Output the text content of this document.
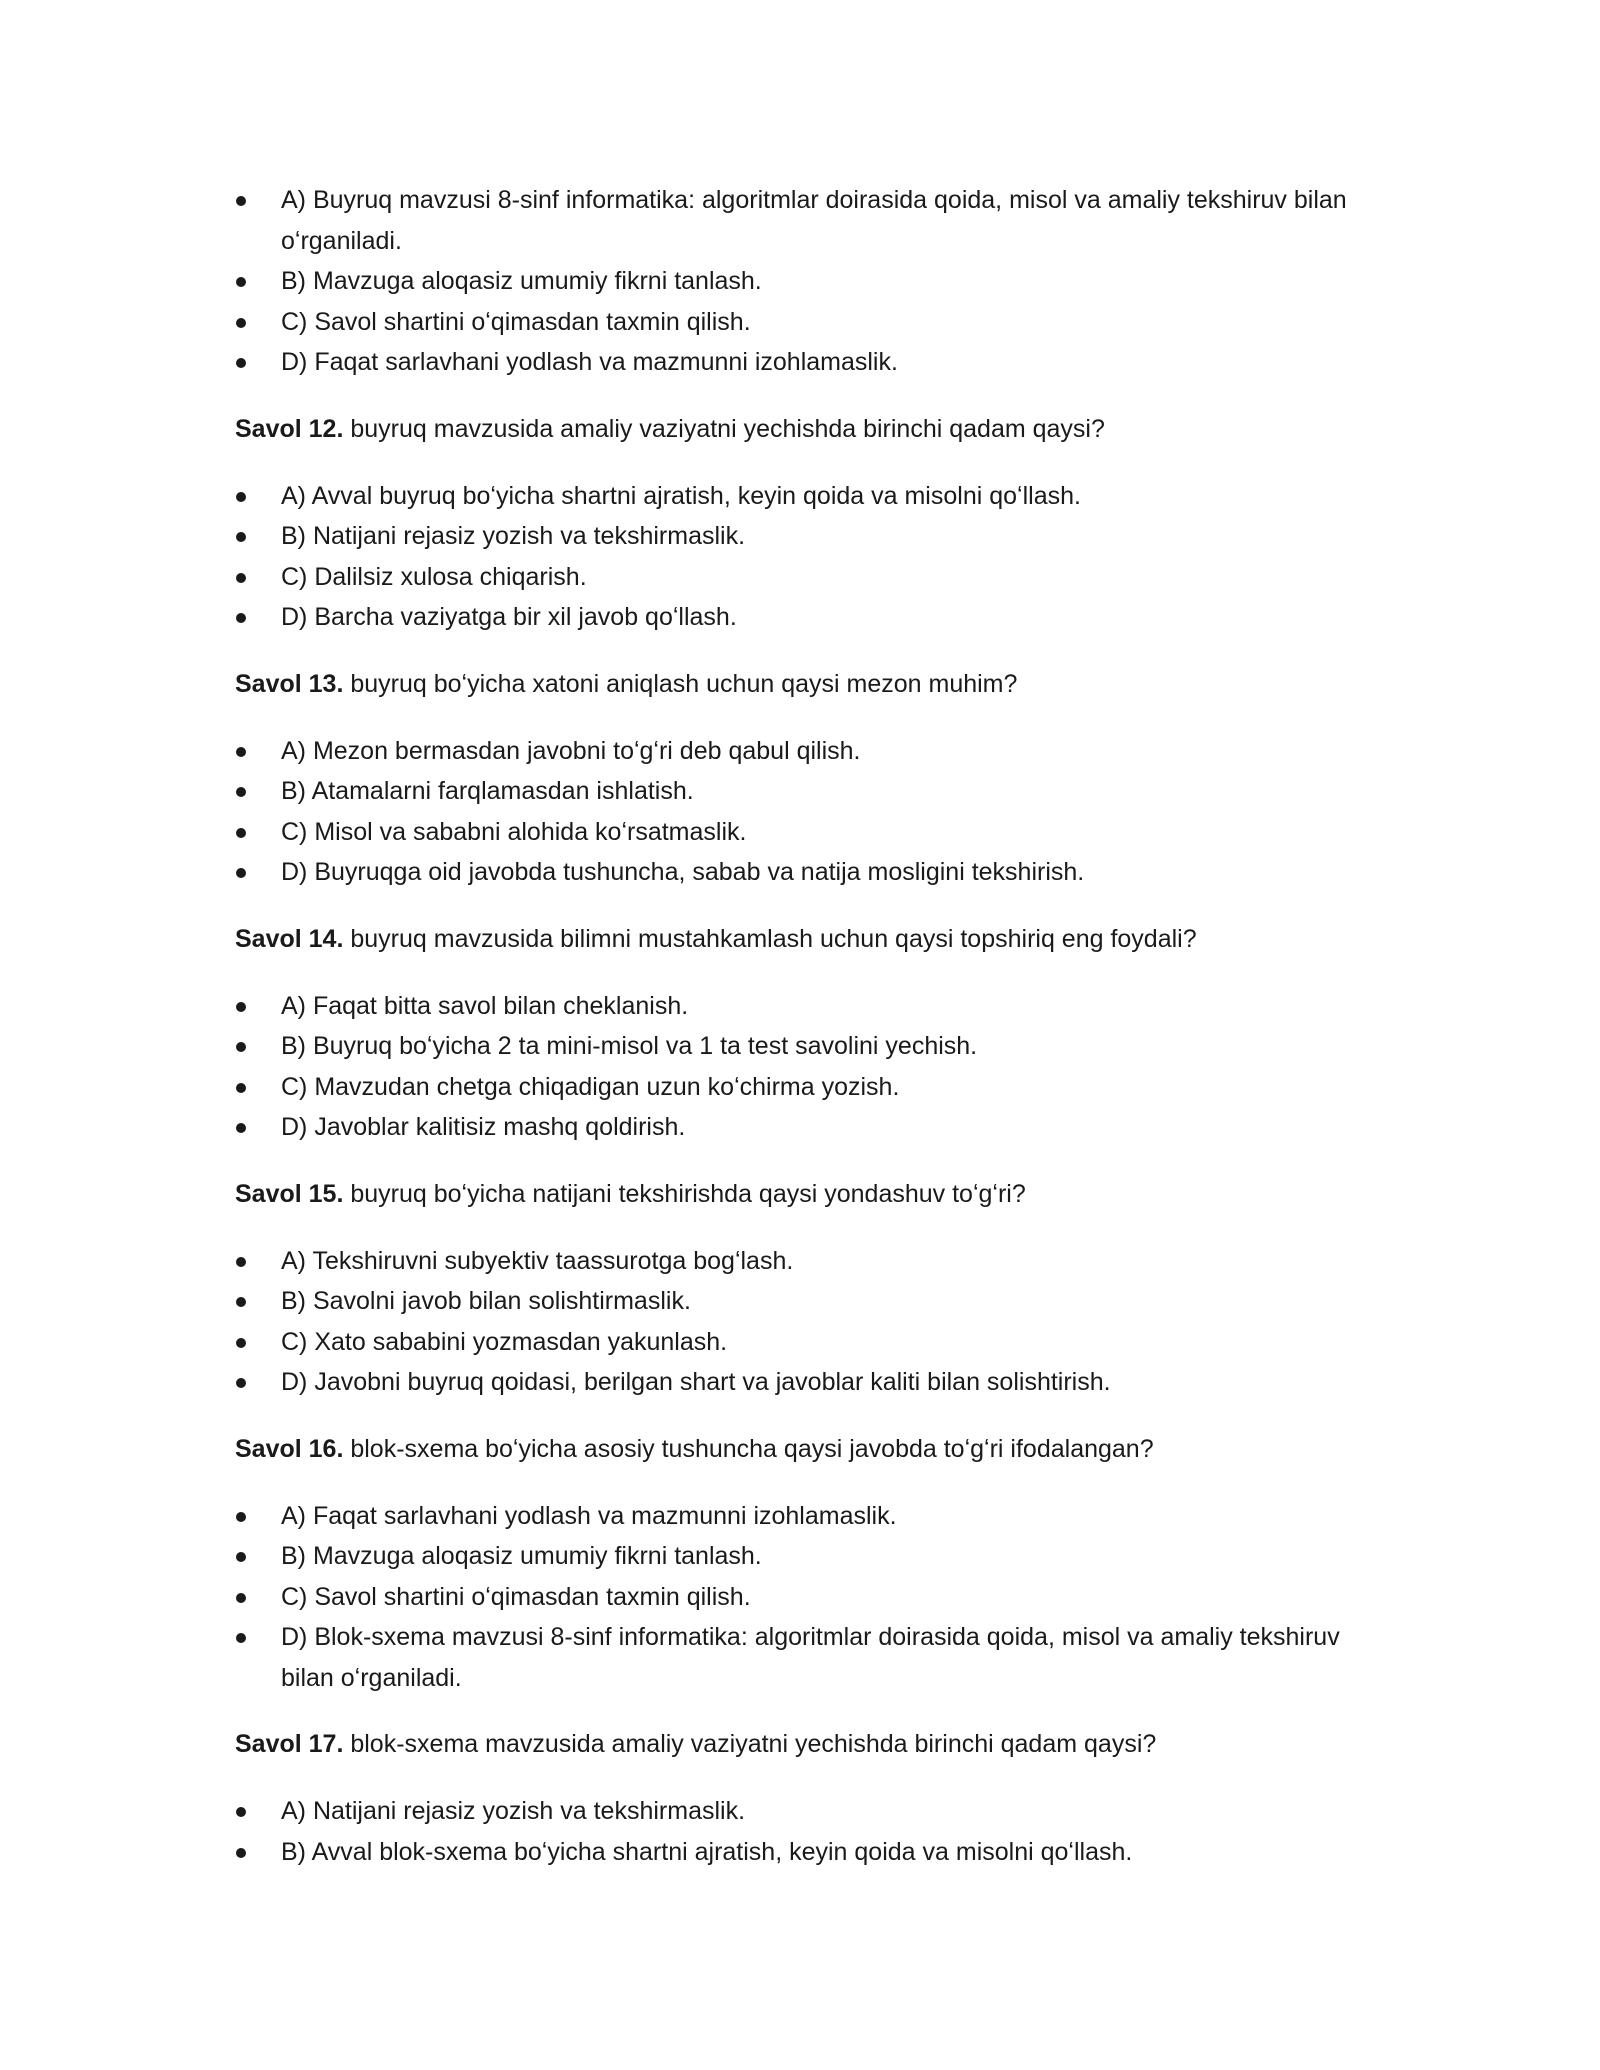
A) Buyruq mavzusi 8-sinf informatika: algoritmlar doirasida qoida, misol va amaliy tekshiruv bilan oʻrganiladi.
B) Mavzuga aloqasiz umumiy fikrni tanlash.
C) Savol shartini oʻqimasdan taxmin qilish.
D) Faqat sarlavhani yodlash va mazmunni izohlamaslik.

Savol 12. buyruq mavzusida amaliy vaziyatni yechishda birinchi qadam qaysi?

A) Avval buyruq boʻyicha shartni ajratish, keyin qoida va misolni qoʻllash.
B) Natijani rejasiz yozish va tekshirmaslik.
C) Dalilsiz xulosa chiqarish.
D) Barcha vaziyatga bir xil javob qoʻllash.

Savol 13. buyruq boʻyicha xatoni aniqlash uchun qaysi mezon muhim?

A) Mezon bermasdan javobni toʻgʻri deb qabul qilish.
B) Atamalarni farqlamasdan ishlatish.
C) Misol va sababni alohida koʻrsatmaslik.
D) Buyruqga oid javobda tushuncha, sabab va natija mosligini tekshirish.

Savol 14. buyruq mavzusida bilimni mustahkamlash uchun qaysi topshiriq eng foydali?

A) Faqat bitta savol bilan cheklanish.
B) Buyruq boʻyicha 2 ta mini-misol va 1 ta test savolini yechish.
C) Mavzudan chetga chiqadigan uzun koʻchirma yozish.
D) Javoblar kalitisiz mashq qoldirish.

Savol 15. buyruq boʻyicha natijani tekshirishda qaysi yondashuv toʻgʻri?

A) Tekshiruvni subyektiv taassurotga bogʻlash.
B) Savolni javob bilan solishtirmaslik.
C) Xato sababini yozmasdan yakunlash.
D) Javobni buyruq qoidasi, berilgan shart va javoblar kaliti bilan solishtirish.

Savol 16. blok-sxema boʻyicha asosiy tushuncha qaysi javobda toʻgʻri ifodalangan?

A) Faqat sarlavhani yodlash va mazmunni izohlamaslik.
B) Mavzuga aloqasiz umumiy fikrni tanlash.
C) Savol shartini oʻqimasdan taxmin qilish.
D) Blok-sxema mavzusi 8-sinf informatika: algoritmlar doirasida qoida, misol va amaliy tekshiruv bilan oʻrganiladi.

Savol 17. blok-sxema mavzusida amaliy vaziyatni yechishda birinchi qadam qaysi?

A) Natijani rejasiz yozish va tekshirmaslik.
B) Avval blok-sxema boʻyicha shartni ajratish, keyin qoida va misolni qoʻllash.
